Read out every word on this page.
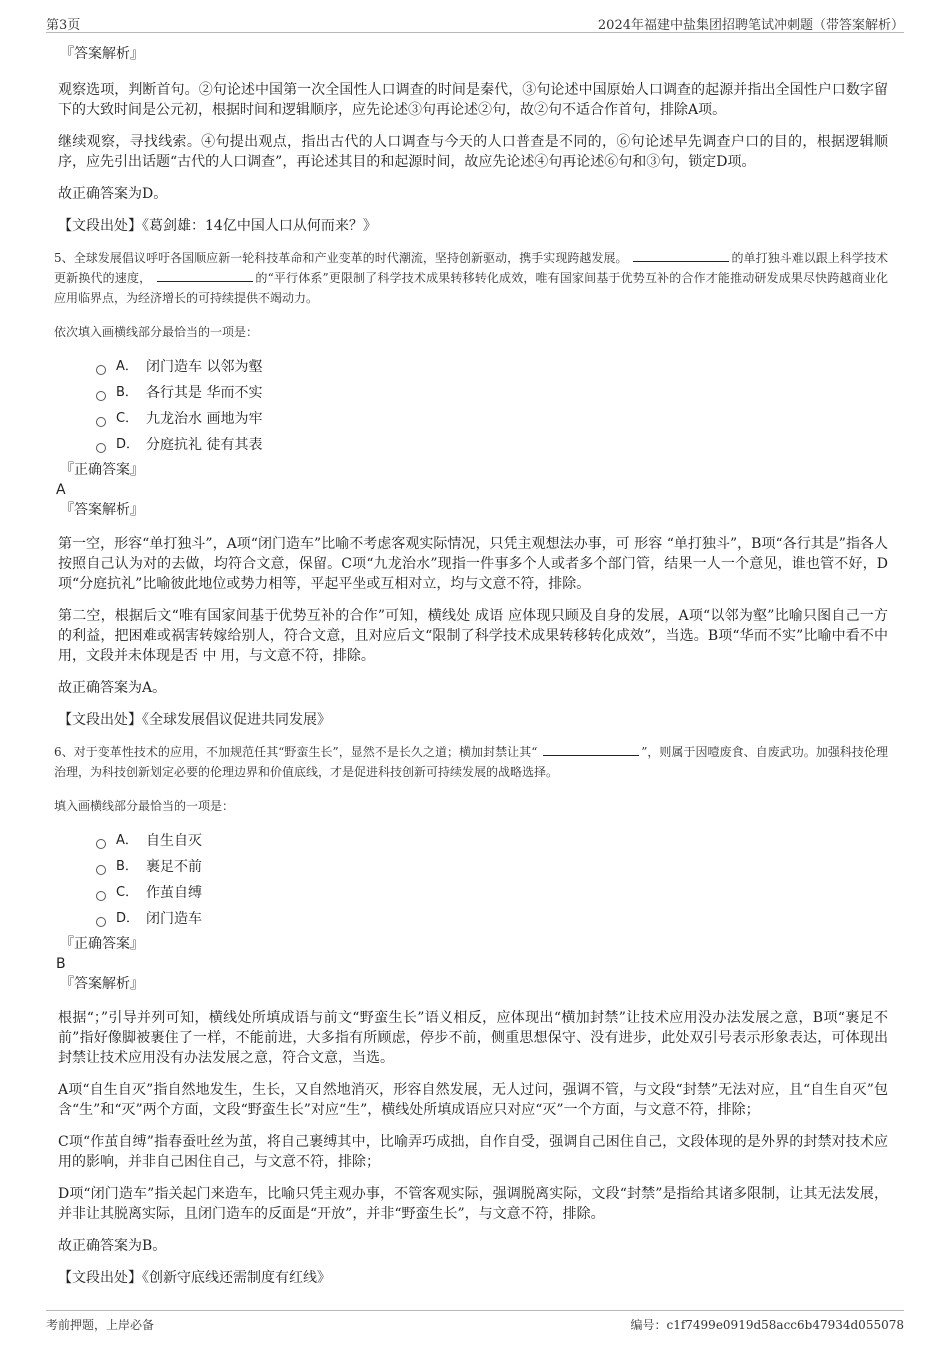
第3页	2024年福建中盐集团招聘笔试冲刺题（带答案解析）

『答案解析』

观察选项，判断首句。②句论述中国第一次全国性人口调查的时间是秦代，③句论述中国原始人口调查的起源并指出全国性户口数字留下的大致时间是公元初，根据时间和逻辑顺序，应先论述③句再论述②句，故②句不适合作首句，排除A项。

继续观察，寻找线索。④句提出观点，指出古代的人口调查与今天的人口普查是不同的，⑥句论述早先调查户口的目的，根据逻辑顺序，应先引出话题“古代的人口调查”，再论述其目的和起源时间，故应先论述④句再论述⑥句和③句，锁定D项。

故正确答案为D。

【文段出处】《葛剑雄：14亿中国人口从何而来？》

5、全球发展倡议呼吁各国顺应新一轮科技革命和产业变革的时代潮流，坚持创新驱动，携手实现跨越发展。	的单打独斗难以跟上科学技术更新换代的速度，	的“平行体系”更限制了科学技术成果转移转化成效，唯有国家间基于优势互补的合作才能推动研发成果尽快跨越商业化应用临界点，为经济增长的可持续提供不竭动力。

依次填入画横线部分最恰当的一项是：

A． 闭门造车 以邻为壑
B． 各行其是 华而不实
C． 九龙治水 画地为牢
D． 分庭抗礼 徒有其表

『正确答案』

A

『答案解析』

第一空，形容“单打独斗”，A项“闭门造车”比喻不考虑客观实际情况，只凭主观想法办事，可 形容 “单打独斗”，B项“各行其是”指各人按照自己认为对的去做，均符合文意，保留。C项“九龙治水”现指一件事多个人或者多个部门管，结果一人一个意见，谁也管不好，D项“分庭抗礼”比喻彼此地位或势力相等，平起平坐或互相对立，均与文意不符，排除。

第二空，根据后文“唯有国家间基于优势互补的合作”可知，横线处 成语 应体现只顾及自身的发展，A项“以邻为壑”比喻只图自己一方的利益，把困难或祸害转嫁给别人，符合文意，且对应后文“限制了科学技术成果转移转化成效”，当选。B项“华而不实”比喻中看不中用，文段并未体现是否 中 用，与文意不符，排除。

故正确答案为A。

【文段出处】《全球发展倡议促进共同发展》

6、对于变革性技术的应用，不加规范任其“野蛮生长”，显然不是长久之道；横加封禁让其“	”，则属于因噎废食、自废武功。加强科技伦理治理，为科技创新划定必要的伦理边界和价值底线，才是促进科技创新可持续发展的战略选择。

填入画横线部分最恰当的一项是：

A． 自生自灭
B． 裹足不前
C． 作茧自缚
D． 闭门造车

『正确答案』

B

『答案解析』

根据“；”引导并列可知，横线处所填成语与前文“野蛮生长”语义相反，应体现出“横加封禁”让技术应用没办法发展之意，B项“裹足不前”指好像脚被裹住了一样，不能前进，大多指有所顾虑，停步不前，侧重思想保守、没有进步，此处双引号表示形象表达，可体现出封禁让技术应用没有办法发展之意，符合文意，当选。

A项“自生自灭”指自然地发生，生长，又自然地消灭，形容自然发展，无人过问，强调不管，与文段“封禁”无法对应，且“自生自灭”包含“生”和“灭”两个方面，文段“野蛮生长”对应“生”，横线处所填成语应只对应“灭”一个方面，与文意不符，排除；

C项“作茧自缚”指春蚕吐丝为茧，将自己裹缚其中，比喻弄巧成拙，自作自受，强调自己困住自己，文段体现的是外界的封禁对技术应用的影响，并非自己困住自己，与文意不符，排除；

D项“闭门造车”指关起门来造车，比喻只凭主观办事，不管客观实际，强调脱离实际，文段“封禁”是指给其诸多限制，让其无法发展，并非让其脱离实际，且闭门造车的反面是“开放”，并非“野蛮生长”，与文意不符，排除。

故正确答案为B。

【文段出处】《创新守底线还需制度有红线》

考前押题，上岸必备	编号：c1f7499e0919d58acc6b47934d055078
